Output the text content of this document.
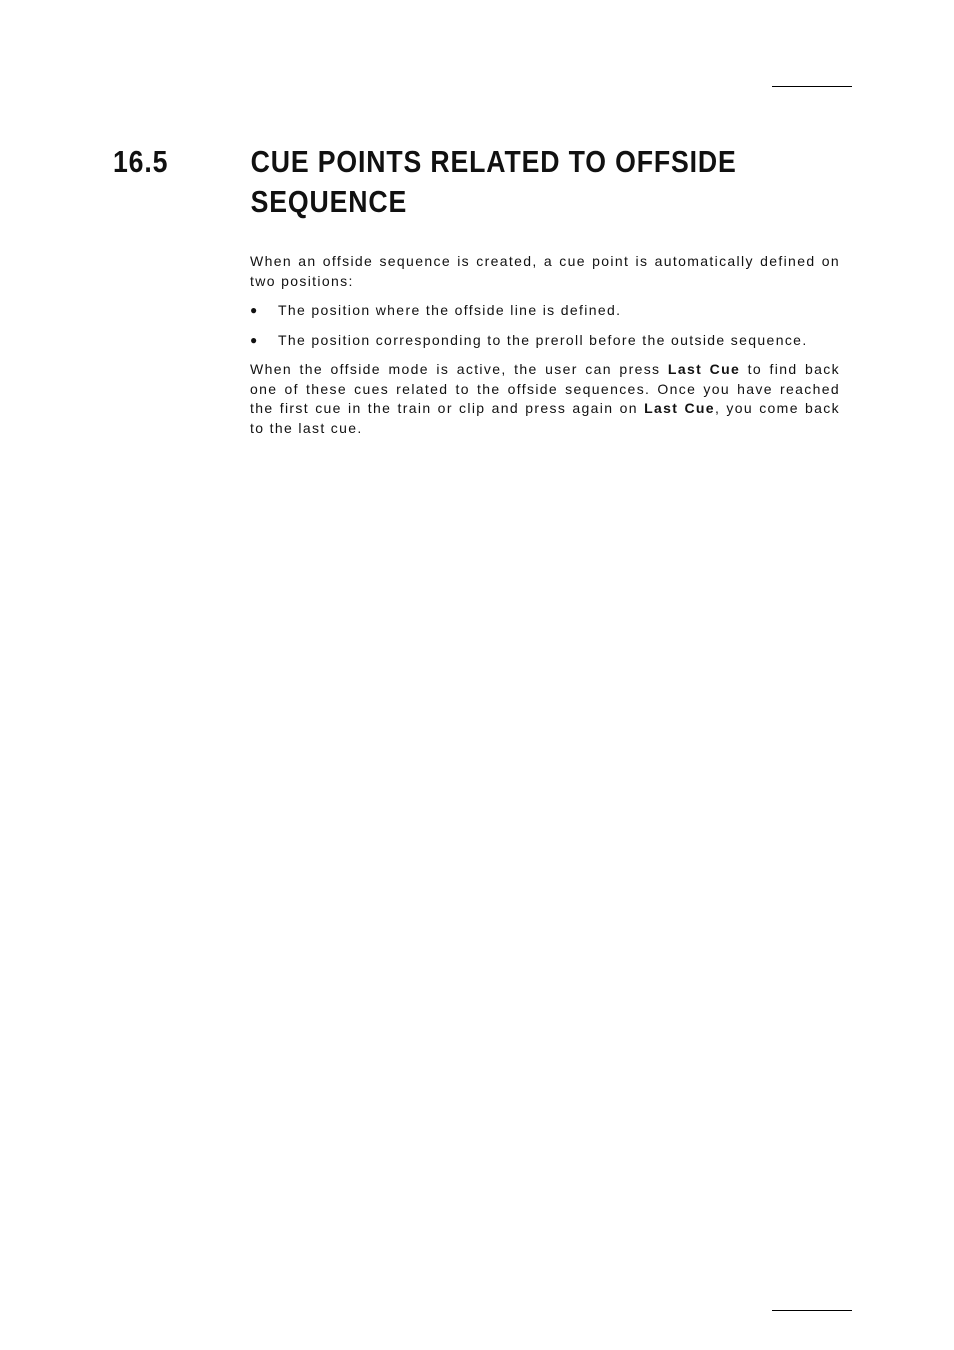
16.5	CUE POINTS RELATED TO OFFSIDE SEQUENCE

When an offside sequence is created, a cue point is automatically defined on two positions:

● The position where the offside line is defined.
● The position corresponding to the preroll before the outside sequence.

When the offside mode is active, the user can press Last Cue to find back one of these cues related to the offside sequences. Once you have reached the first cue in the train or clip and press again on Last Cue, you come back to the last cue.
